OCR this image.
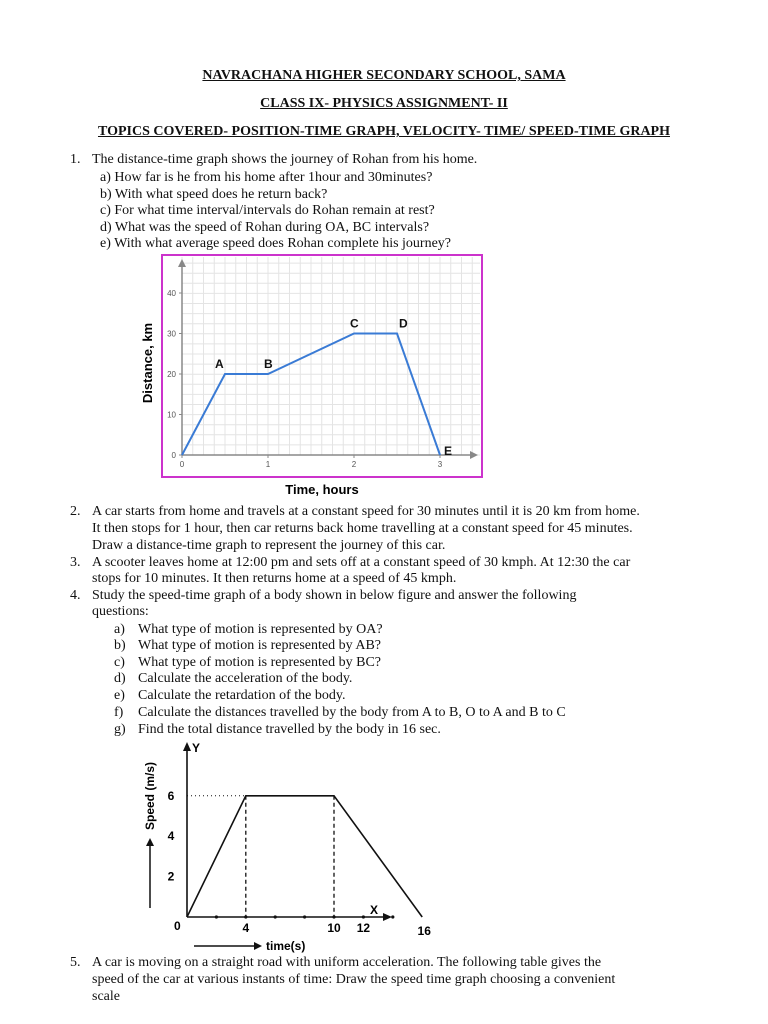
NAVRACHANA HIGHER SECONDARY SCHOOL, SAMA
CLASS IX- PHYSICS ASSIGNMENT- II
TOPICS COVERED- POSITION-TIME GRAPH, VELOCITY- TIME/ SPEED-TIME GRAPH
1. The distance-time graph shows the journey of Rohan from his home.
a) How far is he from his home after 1hour and 30minutes?
b) With what speed does he return back?
c) For what time interval/intervals do Rohan remain at rest?
d) What was the speed of Rohan during OA, BC intervals?
e) With what average speed does Rohan complete his journey?
0
10
20
30
40
0	1	2	3
A	B
C	D
E
Distance, km
Time, hours
2. A car starts from home and travels at a constant speed for 30 minutes until it is 20 km from home.
It then stops for 1 hour, then car returns back home travelling at a constant speed for 45 minutes.
Draw a distance-time graph to represent the journey of this car.
3. A scooter leaves home at 12:00 pm and sets off at a constant speed of 30 kmph. At 12:30 the car
stops for 10 minutes. It then returns home at a speed of 45 kmph.
4. Study the speed-time graph of a body shown in below figure and answer the following
questions:
a) What type of motion is represented by OA?
b) What type of motion is represented by AB?
c) What type of motion is represented by BC?
d) Calculate the acceleration of the body.
e) Calculate the retardation of the body.
f) Calculate the distances travelled by the body from A to B, O to A and B to C
g) Find the total distance travelled by the body in 16 sec.
Y
X
0
2
4
6
4	10 12	16
Speed (m/s)
time(s)
5. A car is moving on a straight road with uniform acceleration. The following table gives the
speed of the car at various instants of time: Draw the speed time graph choosing a convenient
scale
